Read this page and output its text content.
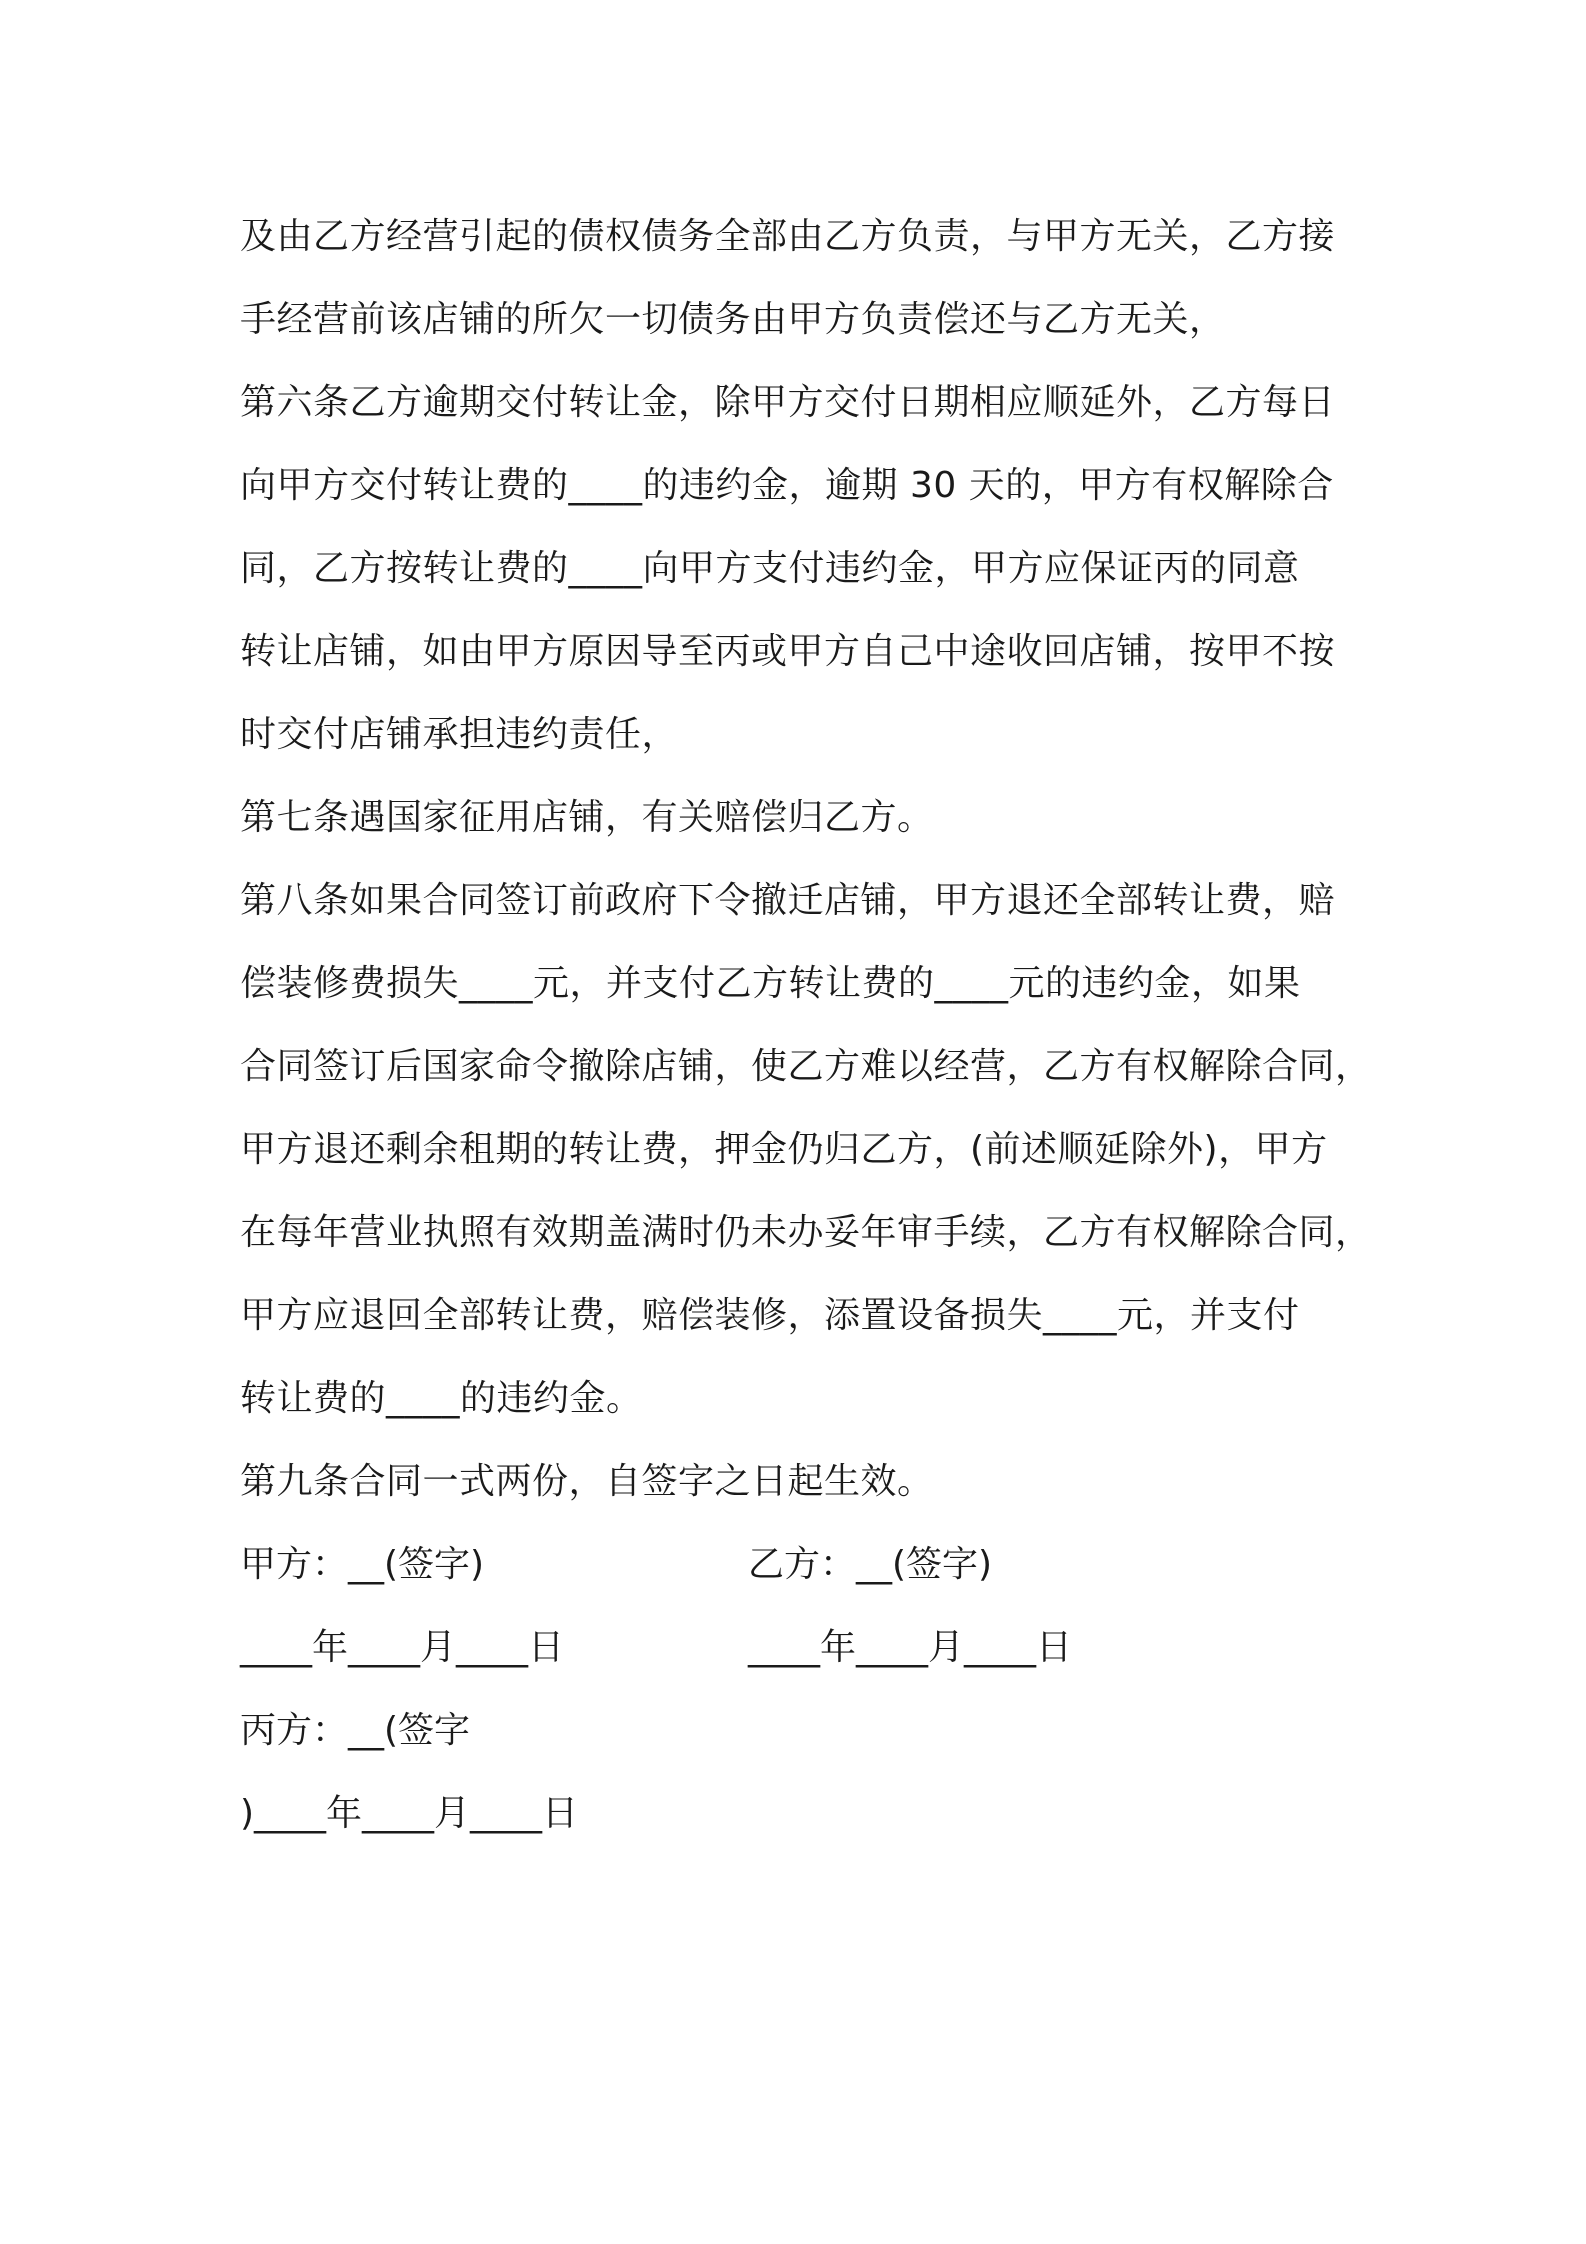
及由乙方经营引起的债权债务全部由乙方负责，与甲方无关，乙方接
手经营前该店铺的所欠一切债务由甲方负责偿还与乙方无关，
第六条乙方逾期交付转让金，除甲方交付日期相应顺延外，乙方每日
向甲方交付转让费的____的违约金，逾期 30 天的，甲方有权解除合
同，乙方按转让费的____向甲方支付违约金，甲方应保证丙的同意
转让店铺，如由甲方原因导至丙或甲方自己中途收回店铺，按甲不按
时交付店铺承担违约责任，
第七条遇国家征用店铺，有关赔偿归乙方。
第八条如果合同签订前政府下令撤迁店铺，甲方退还全部转让费，赔
偿装修费损失____元，并支付乙方转让费的____元的违约金，如果
合同签订后国家命令撤除店铺，使乙方难以经营，乙方有权解除合同，
甲方退还剩余租期的转让费，押金仍归乙方，(前述顺延除外)，甲方
在每年营业执照有效期盖满时仍未办妥年审手续，乙方有权解除合同，
甲方应退回全部转让费，赔偿装修，添置设备损失____元，并支付
转让费的____的违约金。
第九条合同一式两份，自签字之日起生效。
甲方：__(签字)	乙方：__(签字)
____年____月____日	____年____月____日
丙方：__(签字
)____年____月____日
